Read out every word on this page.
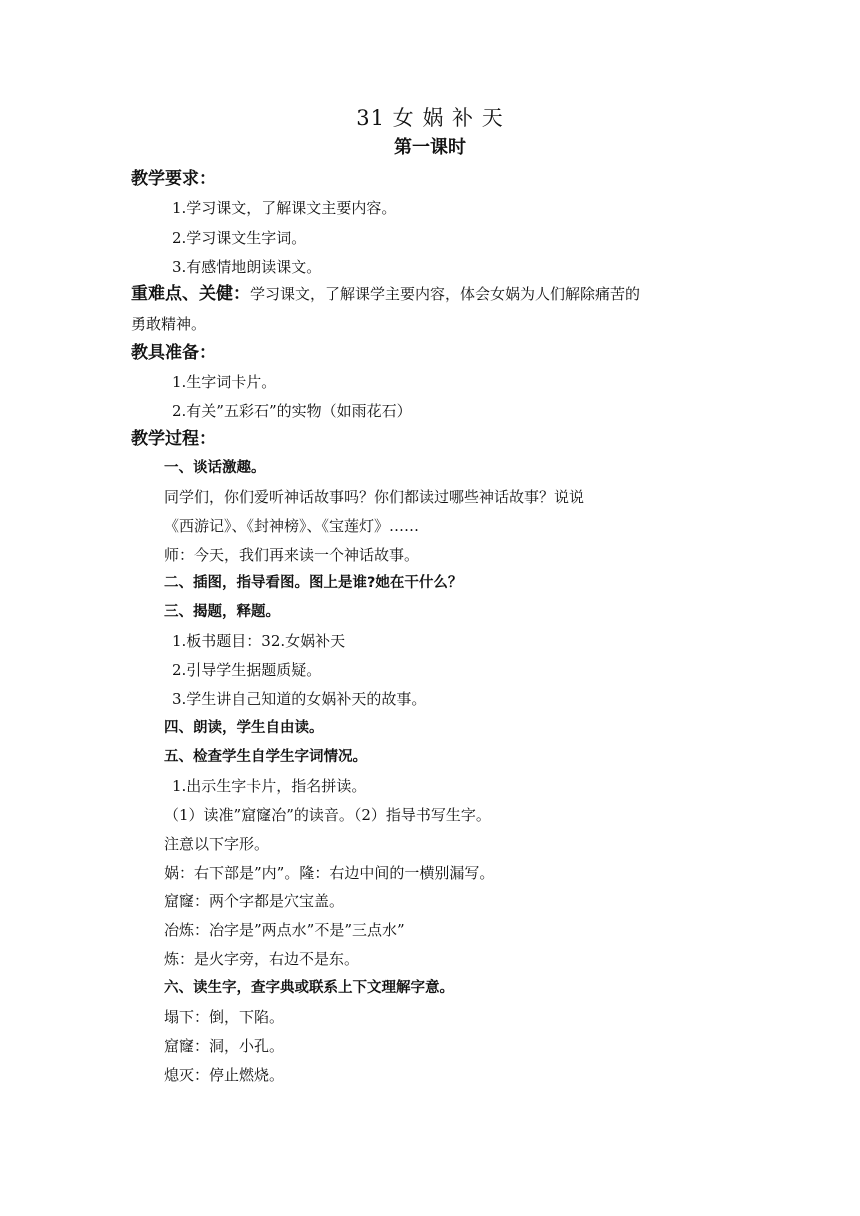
31 女 娲 补 天
第一课时
教学要求：
1.学习课文，了解课文主要内容。
2.学习课文生字词。
3.有感情地朗读课文。
重难点、关健：学习课文，了解课学主要内容，体会女娲为人们解除痛苦的
勇敢精神。
教具准备：
1.生字词卡片。
2.有关”五彩石”的实物（如雨花石）
教学过程：
一、谈话激趣。
同学们，你们爱听神话故事吗？你们都读过哪些神话故事？说说
《西游记》、《封神榜》、《宝莲灯》……
师：今天，我们再来读一个神话故事。
二、插图，指导看图。图上是谁?她在干什么？
三、揭题，释题。
1.板书题目：32.女娲补天
2.引导学生据题质疑。
3.学生讲自己知道的女娲补天的故事。
四、朗读，学生自由读。
五、检查学生自学生字词情况。
1.出示生字卡片，指名拼读。
（1）读准”窟窿冶”的读音。（2）指导书写生字。
注意以下字形。
娲：右下部是”内”。隆：右边中间的一横别漏写。
窟窿：两个字都是穴宝盖。
冶炼：冶字是”两点水”不是”三点水”
炼：是火字旁，右边不是东。
六、读生字，查字典或联系上下文理解字意。
塌下：倒，下陷。
窟窿：洞，小孔。
熄灭：停止燃烧。
